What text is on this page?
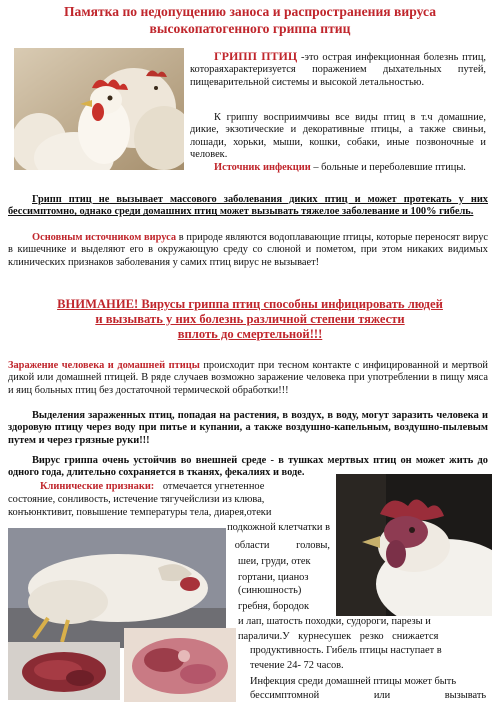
Памятка по недопущению заноса и распространения вируса
высокопатогенного гриппа птиц
ГРИПП ПТИЦ -это острая инфекционная болезнь птиц, котораяхарактеризуется поражением дыхательных путей, пищеварительной системы и высокой летальностью.
К гриппу восприимчивы все виды птиц в т.ч домашние, дикие, экзотические и декоративные птицы, а также свиньи, лошади, хорьки, мыши, кошки, собаки, иные позвоночные и человек.
Источник инфекции – больные и переболевшие птицы.
Грипп птиц не вызывает массового заболевания диких птиц и может протекать у них бессимптомно, однако среди домашних птиц может вызывать тяжелое заболевание и 100% гибель.
Основным источником вируса в природе являются водоплавающие птицы, которые переносят вирус в кишечнике и выделяют его в окружающую среду со слюной и пометом, при этом никаких видимых клинических признаков заболевания у самих птиц вирус не вызывает!
ВНИМАНИЕ! Вирусы гриппа птиц способны инфицировать людей
и вызывать у них болезнь различной степени тяжести
вплоть до смертельной!!!
Заражение человека и домашней птицы происходит при тесном контакте с инфицированной и мертвой дикой или домашней птицей. В ряде случаев возможно заражение человека при употреблении в пищу мяса и яиц больных птиц без достаточной термической обработки!!!
Выделения зараженных птиц, попадая на растения, в воздух, в воду, могут заразить человека и здоровую птицу через воду при питье и купании, а также воздушно-капельным, воздушно-пылевым путем и через грязные руки!!!
Вирус гриппа очень устойчив во внешней среде - в тушках мертвых птиц он может жить до одного года, длительно сохраняется в тканях, фекалиях и воде.
Клинические признаки: отмечается угнетенное
состояние, сонливость, истечение тягучейслизи из клюва,
конъюнктивит, повышение температуры тела, диарея,отеки
подкожной клетчатки в
области головы,
шеи, груди, отек
гортани, цианоз
(синюшность)
гребня, бородок
и лап, шатость походки, судороги, парезы и
параличи.У курнесушек резко снижается
продуктивность. Гибель птицы наступает в
течение 24- 72 часов.
Инфекция среди домашней птицы может быть
бессимптомной или вызывать
